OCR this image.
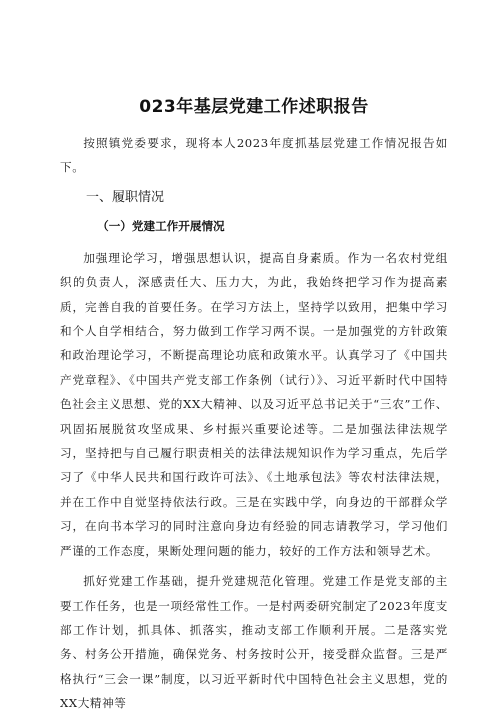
023年基层党建工作述职报告

按照镇党委要求，现将本人2023年度抓基层党建工作情况报告如下。

一、履职情况
（一）党建工作开展情况

加强理论学习，增强思想认识，提高自身素质。作为一名农村党组织的负责人，深感责任大、压力大，为此，我始终把学习作为提高素质，完善自我的首要任务。在学习方法上，坚持学以致用，把集中学习和个人自学相结合，努力做到工作学习两不误。一是加强党的方针政策和政治理论学习，不断提高理论功底和政策水平。认真学习了《中国共产党章程》、《中国共产党支部工作条例（试行）》、习近平新时代中国特色社会主义思想、党的XX大精神、以及习近平总书记关于“三农”工作、巩固拓展脱贫攻坚成果、乡村振兴重要论述等。二是加强法律法规学习，坚持把与自己履行职责相关的法律法规知识作为学习重点，先后学习了《中华人民共和国行政许可法》、《土地承包法》等农村法律法规，并在工作中自觉坚持依法行政。三是在实践中学，向身边的干部群众学习，在向书本学习的同时注意向身边有经验的同志请教学习，学习他们严谨的工作态度，果断处理问题的能力，较好的工作方法和领导艺术。

抓好党建工作基础，提升党建规范化管理。党建工作是党支部的主要工作任务，也是一项经常性工作。一是村两委研究制定了2023年度支部工作计划，抓具体、抓落实，推动支部工作顺利开展。二是落实党务、村务公开措施，确保党务、村务按时公开，接受群众监督。三是严格执行“三会一课”制度，以习近平新时代中国特色社会主义思想，党的XX大精神等
